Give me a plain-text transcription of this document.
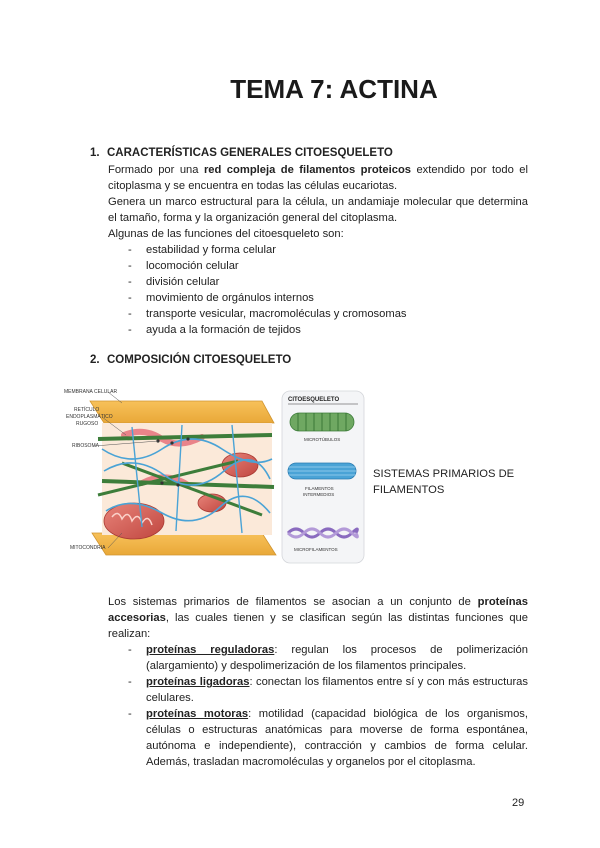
TEMA 7: ACTINA
1. CARACTERÍSTICAS GENERALES CITOESQUELETO
Formado por una red compleja de filamentos proteicos extendido por todo el citoplasma y se encuentra en todas las células eucariotas.
Genera un marco estructural para la célula, un andamiaje molecular que determina el tamaño, forma y la organización general del citoplasma.
Algunas de las funciones del citoesqueleto son:
- estabilidad y forma celular
- locomoción celular
- división celular
- movimiento de orgánulos internos
- transporte vesicular, macromoléculas y cromosomas
- ayuda a la formación de tejidos
2. COMPOSICIÓN CITOESQUELETO
MEMBRANA CELULAR
RETÍCULO
ENDOPLASMÁTICO
RUGOSO
RIBOSOMA
MITOCONDRIA
CITOESQUELETO
MICROTÚBULOS
FILAMENTOS
INTERMEDIOS
MICROFILAMENTOS
SISTEMAS PRIMARIOS DE
FILAMENTOS
Los sistemas primarios de filamentos se asocian a un conjunto de proteínas accesorias, las cuales tienen y se clasifican según las distintas funciones que realizan:
- proteínas reguladoras: regulan los procesos de polimerización (alargamiento) y despolimerización de los filamentos principales.
- proteínas ligadoras: conectan los filamentos entre sí y con más estructuras celulares.
- proteínas motoras: motilidad (capacidad biológica de los organismos, células o estructuras anatómicas para moverse de forma espontánea, autónoma e independiente), contracción y cambios de forma celular. Además, trasladan macromoléculas y organelos por el citoplasma.
29
